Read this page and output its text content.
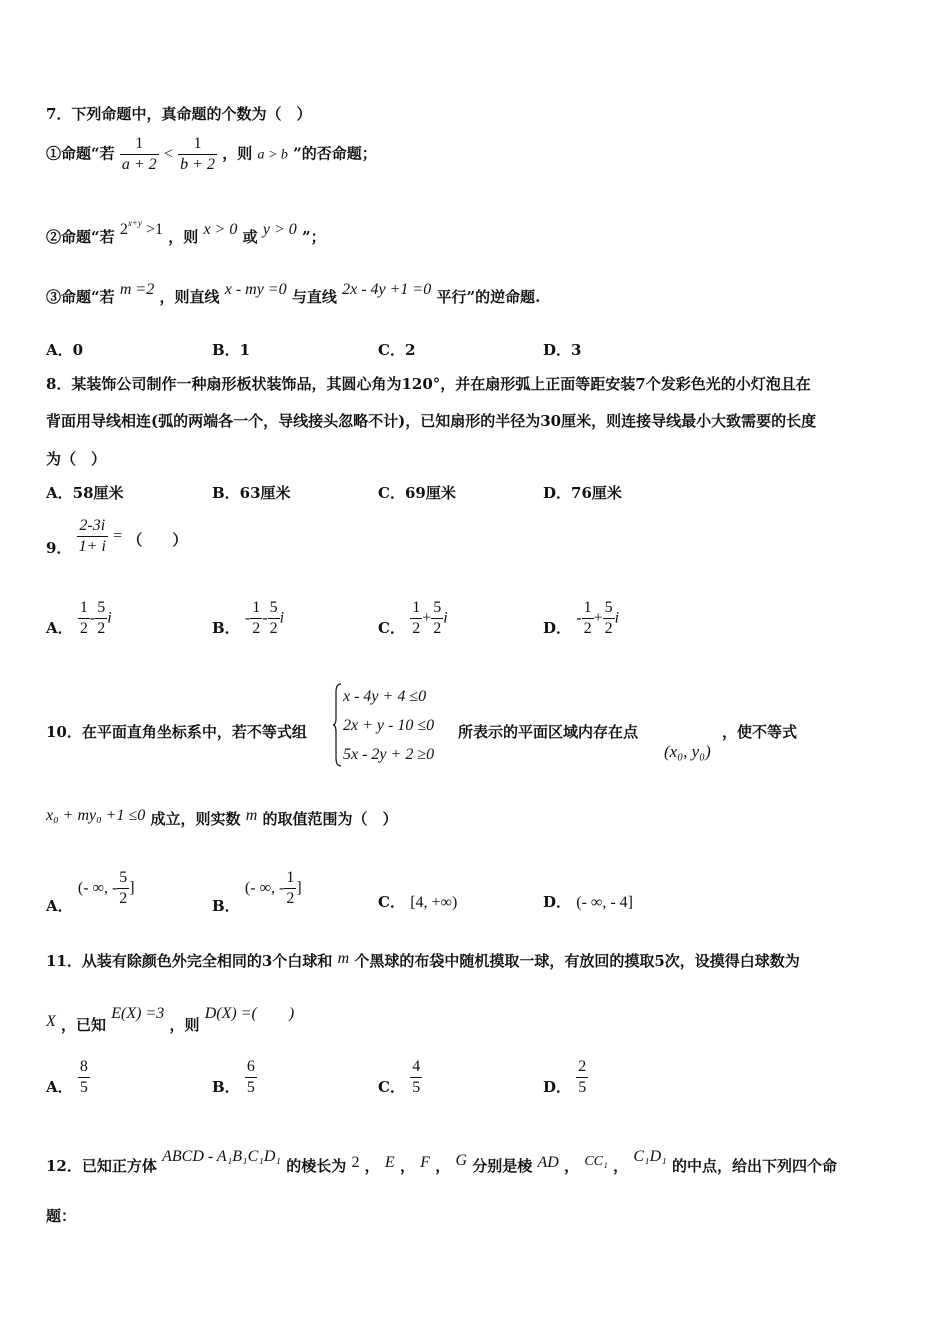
7．下列命题中，真命题的个数为（　）
①命题“若 $\frac{1}{a + 2} < \frac{1}{b + 2}$ ，则 a > b ”的否命题；
②命题“若 $2^{x+y} >1$ ，则 x > 0 或 y > 0 ”；
③命题“若 m =2 ，则直线 x - my =0 与直线 2x - 4y +1 =0 平行”的逆命题.
A．0	B．1	C．2	D．3
8．某装饰公司制作一种扇形板状装饰品，其圆心角为120°，并在扇形弧上正面等距安装7个发彩色光的小灯泡且在
背面用导线相连(弧的两端各一个，导线接头忽略不计)，已知扇形的半径为30厘米，则连接导线最小大致需要的长度
为（　）
A．58厘米	B．63厘米	C．69厘米	D．76厘米
9． $\frac{2-3i}{1+ i}$ = （　　）
A． $\frac{1}{2} - \frac{5}{2}$ i
B． - $\frac{1}{2} - \frac{5}{2}$ i
C． $\frac{1}{2} + \frac{5}{2}$ i
D． - $\frac{1}{2} + \frac{5}{2}$ i
10．在平面直角坐标系中，若不等式组
x - 4y + 4 ≤0
2x + y - 10 ≤0
5x - 2y + 2 ≥0
所表示的平面区域内存在点
(x₀, y₀)
，使不等式
x₀ + my₀ +1 ≤0 成立，则实数 m 的取值范围为（　）
A． (- ∞, - $\frac{5}{2}$ ]
B． (- ∞, - $\frac{1}{2}$ ]
C． [4, +∞)	D． (- ∞, - 4]
11．从装有除颜色外完全相同的3个白球和 m 个黑球的布袋中随机摸取一球，有放回的摸取5次，设摸得白球数为
X ，已知 E(X) =3 ，则 D(X) =(　　)
A． $\frac{8}{5}$	B． $\frac{6}{5}$	C． $\frac{4}{5}$	D． $\frac{2}{5}$
12．已知正方体 ABCD - A₁B₁C₁D₁ 的棱长为 2 ， E ， F ， G 分别是棱 AD ， CC₁ ， C₁D₁ 的中点，给出下列四个命
题：
